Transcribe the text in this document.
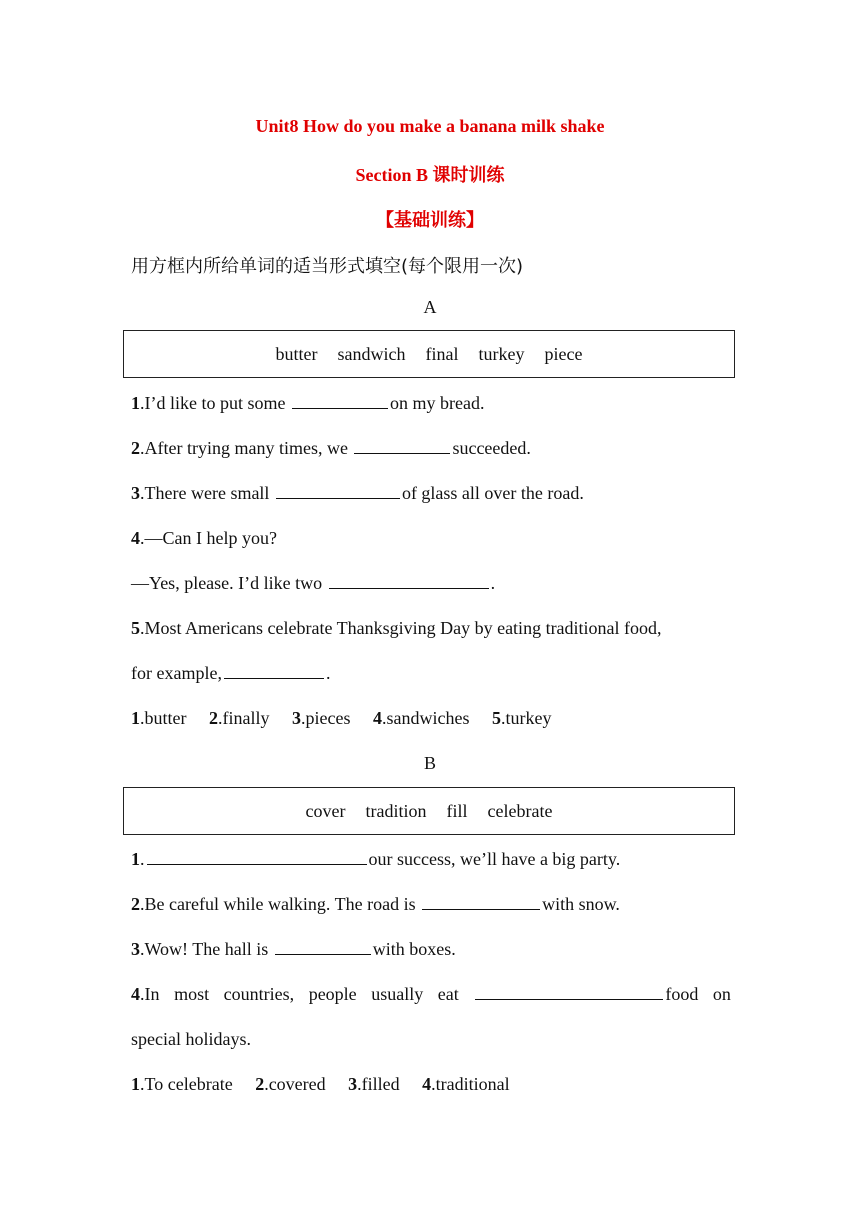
Unit8 How do you make a banana milk shake
Section B 课时训练
【基础训练】
用方框内所给单词的适当形式填空(每个限用一次)
A
butter sandwich final turkey piece
1.I’d like to put some	on my bread.
2.After trying many times, we	succeeded.
3.There were small	of glass all over the road.
4.—Can I help you?
—Yes, please. I’d like two	.
5.Most Americans celebrate Thanksgiving Day by eating traditional food,
for example,	.
1.butter 2.finally 3.pieces 4.sandwiches 5.turkey
B
cover tradition fill celebrate
1.	our success, we’ll have a big party.
2.Be careful while walking. The road is	with snow.
3.Wow! The hall is	with boxes.
4.In most countries, people usually eat	food on
special holidays.
1.To celebrate 2.covered 3.filled 4.traditional
